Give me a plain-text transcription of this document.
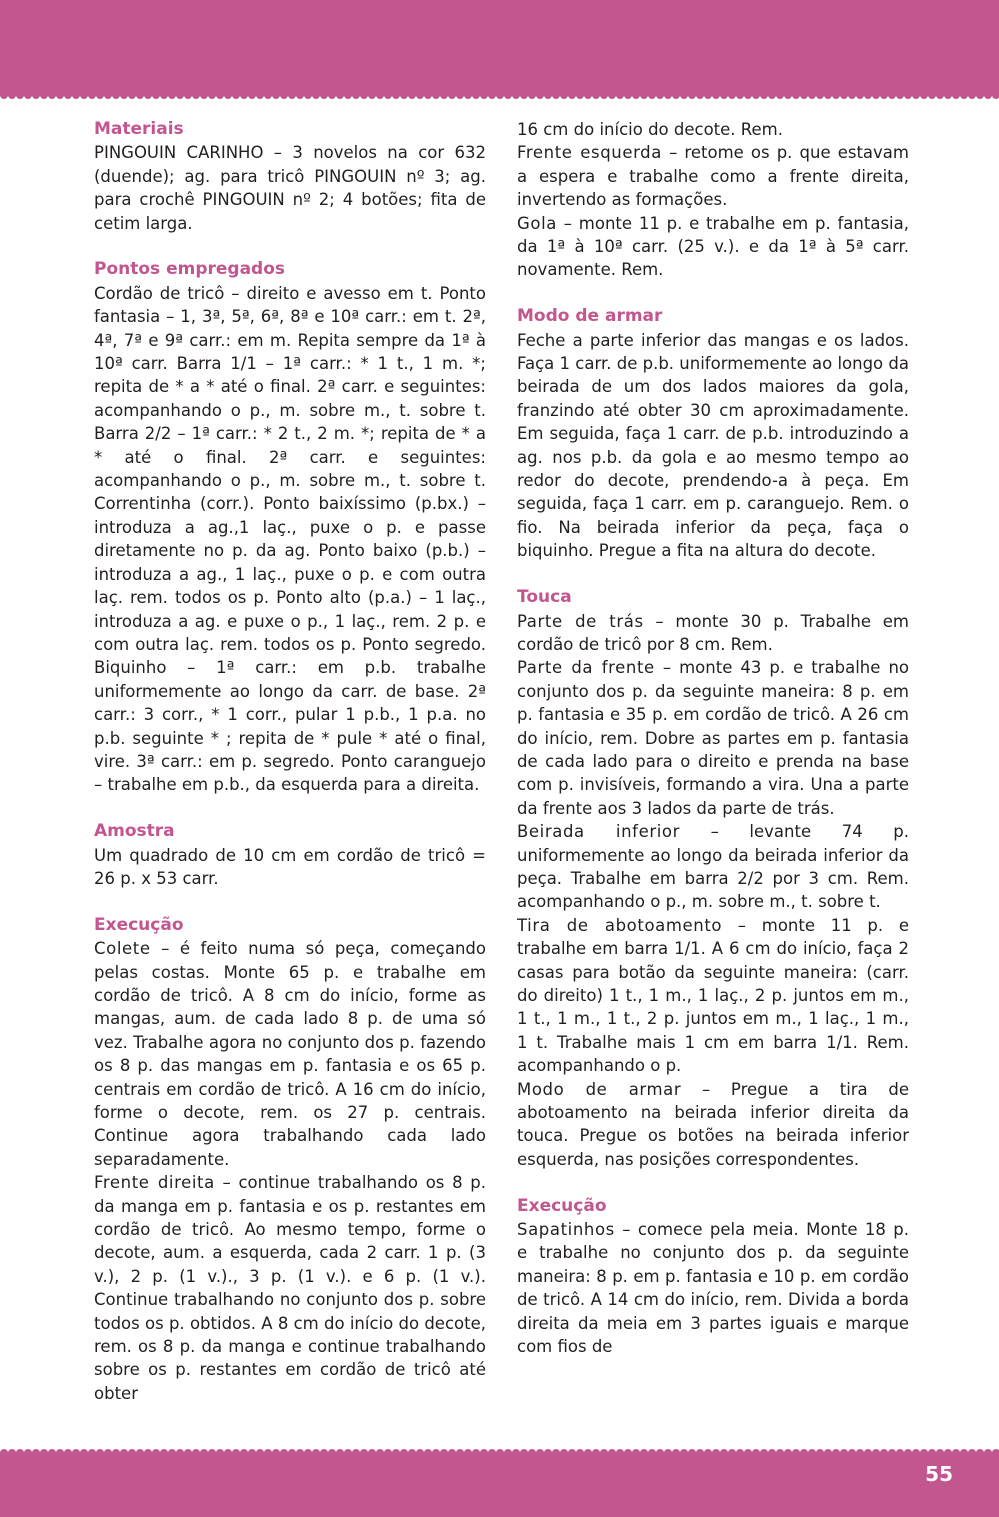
Materiais

PINGOUIN CARINHO – 3 novelos na cor 632 (duende); ag. para tricô PINGOUIN nº 3; ag. para crochê PINGOUIN nº 2; 4 botões; fita de cetim larga.

Pontos empregados

Cordão de tricô – direito e avesso em t. Ponto fantasia – 1, 3ª, 5ª, 6ª, 8ª e 10ª carr.: em t. 2ª, 4ª, 7ª e 9ª carr.: em m. Repita sempre da 1ª à 10ª carr. Barra 1/1 – 1ª carr.: * 1 t., 1 m. *; repita de * a * até o final. 2ª carr. e seguintes: acompanhando o p., m. sobre m., t. sobre t. Barra 2/2 – 1ª carr.: * 2 t., 2 m. *; repita de * a * até o final. 2ª carr. e seguintes: acompanhando o p., m. sobre m., t. sobre t. Correntinha (corr.). Ponto baixíssimo (p.bx.) – introduza a ag.,1 laç., puxe o p. e passe diretamente no p. da ag. Ponto baixo (p.b.) – introduza a ag., 1 laç., puxe o p. e com outra laç. rem. todos os p. Ponto alto (p.a.) – 1 laç., introduza a ag. e puxe o p., 1 laç., rem. 2 p. e com outra laç. rem. todos os p. Ponto segredo. Biquinho – 1ª carr.: em p.b. trabalhe uniformemente ao longo da carr. de base. 2ª carr.: 3 corr., * 1 corr., pular 1 p.b., 1 p.a. no p.b. seguinte * ; repita de * pule * até o final, vire. 3ª carr.: em p. segredo. Ponto caranguejo – trabalhe em p.b., da esquerda para a direita.

Amostra

Um quadrado de 10 cm em cordão de tricô = 26 p. x 53 carr.

Execução

Colete – é feito numa só peça, começando pelas costas. Monte 65 p. e trabalhe em cordão de tricô. A 8 cm do início, forme as mangas, aum. de cada lado 8 p. de uma só vez. Trabalhe agora no conjunto dos p. fazendo os 8 p. das mangas em p. fantasia e os 65 p. centrais em cordão de tricô. A 16 cm do início, forme o decote, rem. os 27 p. centrais. Continue agora trabalhando cada lado separadamente.

Frente direita – continue trabalhando os 8 p. da manga em p. fantasia e os p. restantes em cordão de tricô. Ao mesmo tempo, forme o decote, aum. a esquerda, cada 2 carr. 1 p. (3 v.), 2 p. (1 v.)., 3 p. (1 v.). e 6 p. (1 v.). Continue trabalhando no conjunto dos p. sobre todos os p. obtidos. A 8 cm do início do decote, rem. os 8 p. da manga e continue trabalhando sobre os p. restantes em cordão de tricô até obter

16 cm do início do decote. Rem.

Frente esquerda – retome os p. que estavam a espera e trabalhe como a frente direita, invertendo as formações.

Gola – monte 11 p. e trabalhe em p. fantasia, da 1ª à 10ª carr. (25 v.). e da 1ª à 5ª carr. novamente. Rem.

Modo de armar

Feche a parte inferior das mangas e os lados. Faça 1 carr. de p.b. uniformemente ao longo da beirada de um dos lados maiores da gola, franzindo até obter 30 cm aproximadamente. Em seguida, faça 1 carr. de p.b. introduzindo a ag. nos p.b. da gola e ao mesmo tempo ao redor do decote, prendendo-a à peça. Em seguida, faça 1 carr. em p. caranguejo. Rem. o fio. Na beirada inferior da peça, faça o biquinho. Pregue a fita na altura do decote.

Touca

Parte de trás – monte 30 p. Trabalhe em cordão de tricô por 8 cm. Rem.

Parte da frente – monte 43 p. e trabalhe no conjunto dos p. da seguinte maneira: 8 p. em p. fantasia e 35 p. em cordão de tricô. A 26 cm do início, rem. Dobre as partes em p. fantasia de cada lado para o direito e prenda na base com p. invisíveis, formando a vira. Una a parte da frente aos 3 lados da parte de trás.

Beirada inferior – levante 74 p. uniformemente ao longo da beirada inferior da peça. Trabalhe em barra 2/2 por 3 cm. Rem. acompanhando o p., m. sobre m., t. sobre t.

Tira de abotoamento – monte 11 p. e trabalhe em barra 1/1. A 6 cm do início, faça 2 casas para botão da seguinte maneira: (carr. do direito) 1 t., 1 m., 1 laç., 2 p. juntos em m., 1 t., 1 m., 1 t., 2 p. juntos em m., 1 laç., 1 m., 1 t. Trabalhe mais 1 cm em barra 1/1. Rem. acompanhando o p.

Modo de armar – Pregue a tira de abotoamento na beirada inferior direita da touca. Pregue os botões na beirada inferior esquerda, nas posições correspondentes.

Execução

Sapatinhos – comece pela meia. Monte 18 p. e trabalhe no conjunto dos p. da seguinte maneira: 8 p. em p. fantasia e 10 p. em cordão de tricô. A 14 cm do início, rem. Divida a borda direita da meia em 3 partes iguais e marque com fios de

55
